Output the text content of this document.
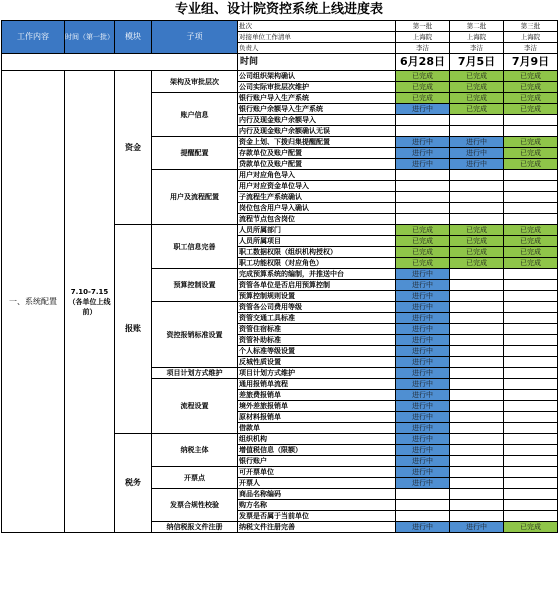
专业组、设计院资控系统上线进度表
工作内容	时间（第一批）	模块	子项	批次	第一批	第二批	第三批
				对接单位工作清单	上海院	上海院	上海院
				负责人	李洁	李洁	李洁
				时间	6月28日	7月5日	7月9日
一、系统配置	7.10-7.15（各单位上线前）	资金	架构及审批层次	公司组织架构确认	已完成	已完成	已完成
				公司实际审批层次维护	已完成	已完成	已完成
			账户信息	银行账户导入生产系统	已完成	已完成	已完成
				银行账户余额导入生产系统	进行中	已完成	已完成
				内行及现金账户余额导入			
				内行及现金账户余额确认无误			
			提醒配置	资金上划、下拨归集提醒配置	进行中	进行中	已完成
				存款单位及账户配置	进行中	进行中	已完成
				贷款单位及账户配置	进行中	进行中	已完成
			用户及流程配置	用户对应角色导入			
				用户对应资金单位导入			
				子流程生产系统确认			
				岗位包含用户导入确认			
				流程节点包含岗位			
		报账	职工信息完善	人员所属部门	已完成	已完成	已完成
				人员所属项目	已完成	已完成	已完成
				职工数据权限（组织机构授权）	已完成	已完成	已完成
				职工功能权限（对应角色）	已完成	已完成	已完成
			预算控制设置	完成预算系统的编制，并推送中台	进行中		
				资管各单位是否启用预算控制	进行中		
				预算控制规则设置	进行中		
			资控报销标准设置	资管各公司费用等级	进行中		
				资管交通工具标准	进行中		
				资管住宿标准	进行中		
				资管补助标准	进行中		
				个人标准等级设置	进行中		
				反城性质设置	进行中		
			项目计划方式维护	项目计划方式维护	进行中		
			流程设置	通用报销单流程	进行中		
				差旅费报销单	进行中		
				境外差旅报销单	进行中		
				原材料报销单	进行中		
				借款单	进行中		
		税务	纳税主体	组织机构	进行中		
				增值税信息（限额）	进行中		
				银行账户	进行中		
			开票点	可开票单位	进行中		
				开票人	进行中		
			发票合规性校验	商品名称编码			
				购方名称			
				发票是否属于当前单位			
			纳信税报文件注册	纳税文件注册完善	进行中	进行中	已完成
